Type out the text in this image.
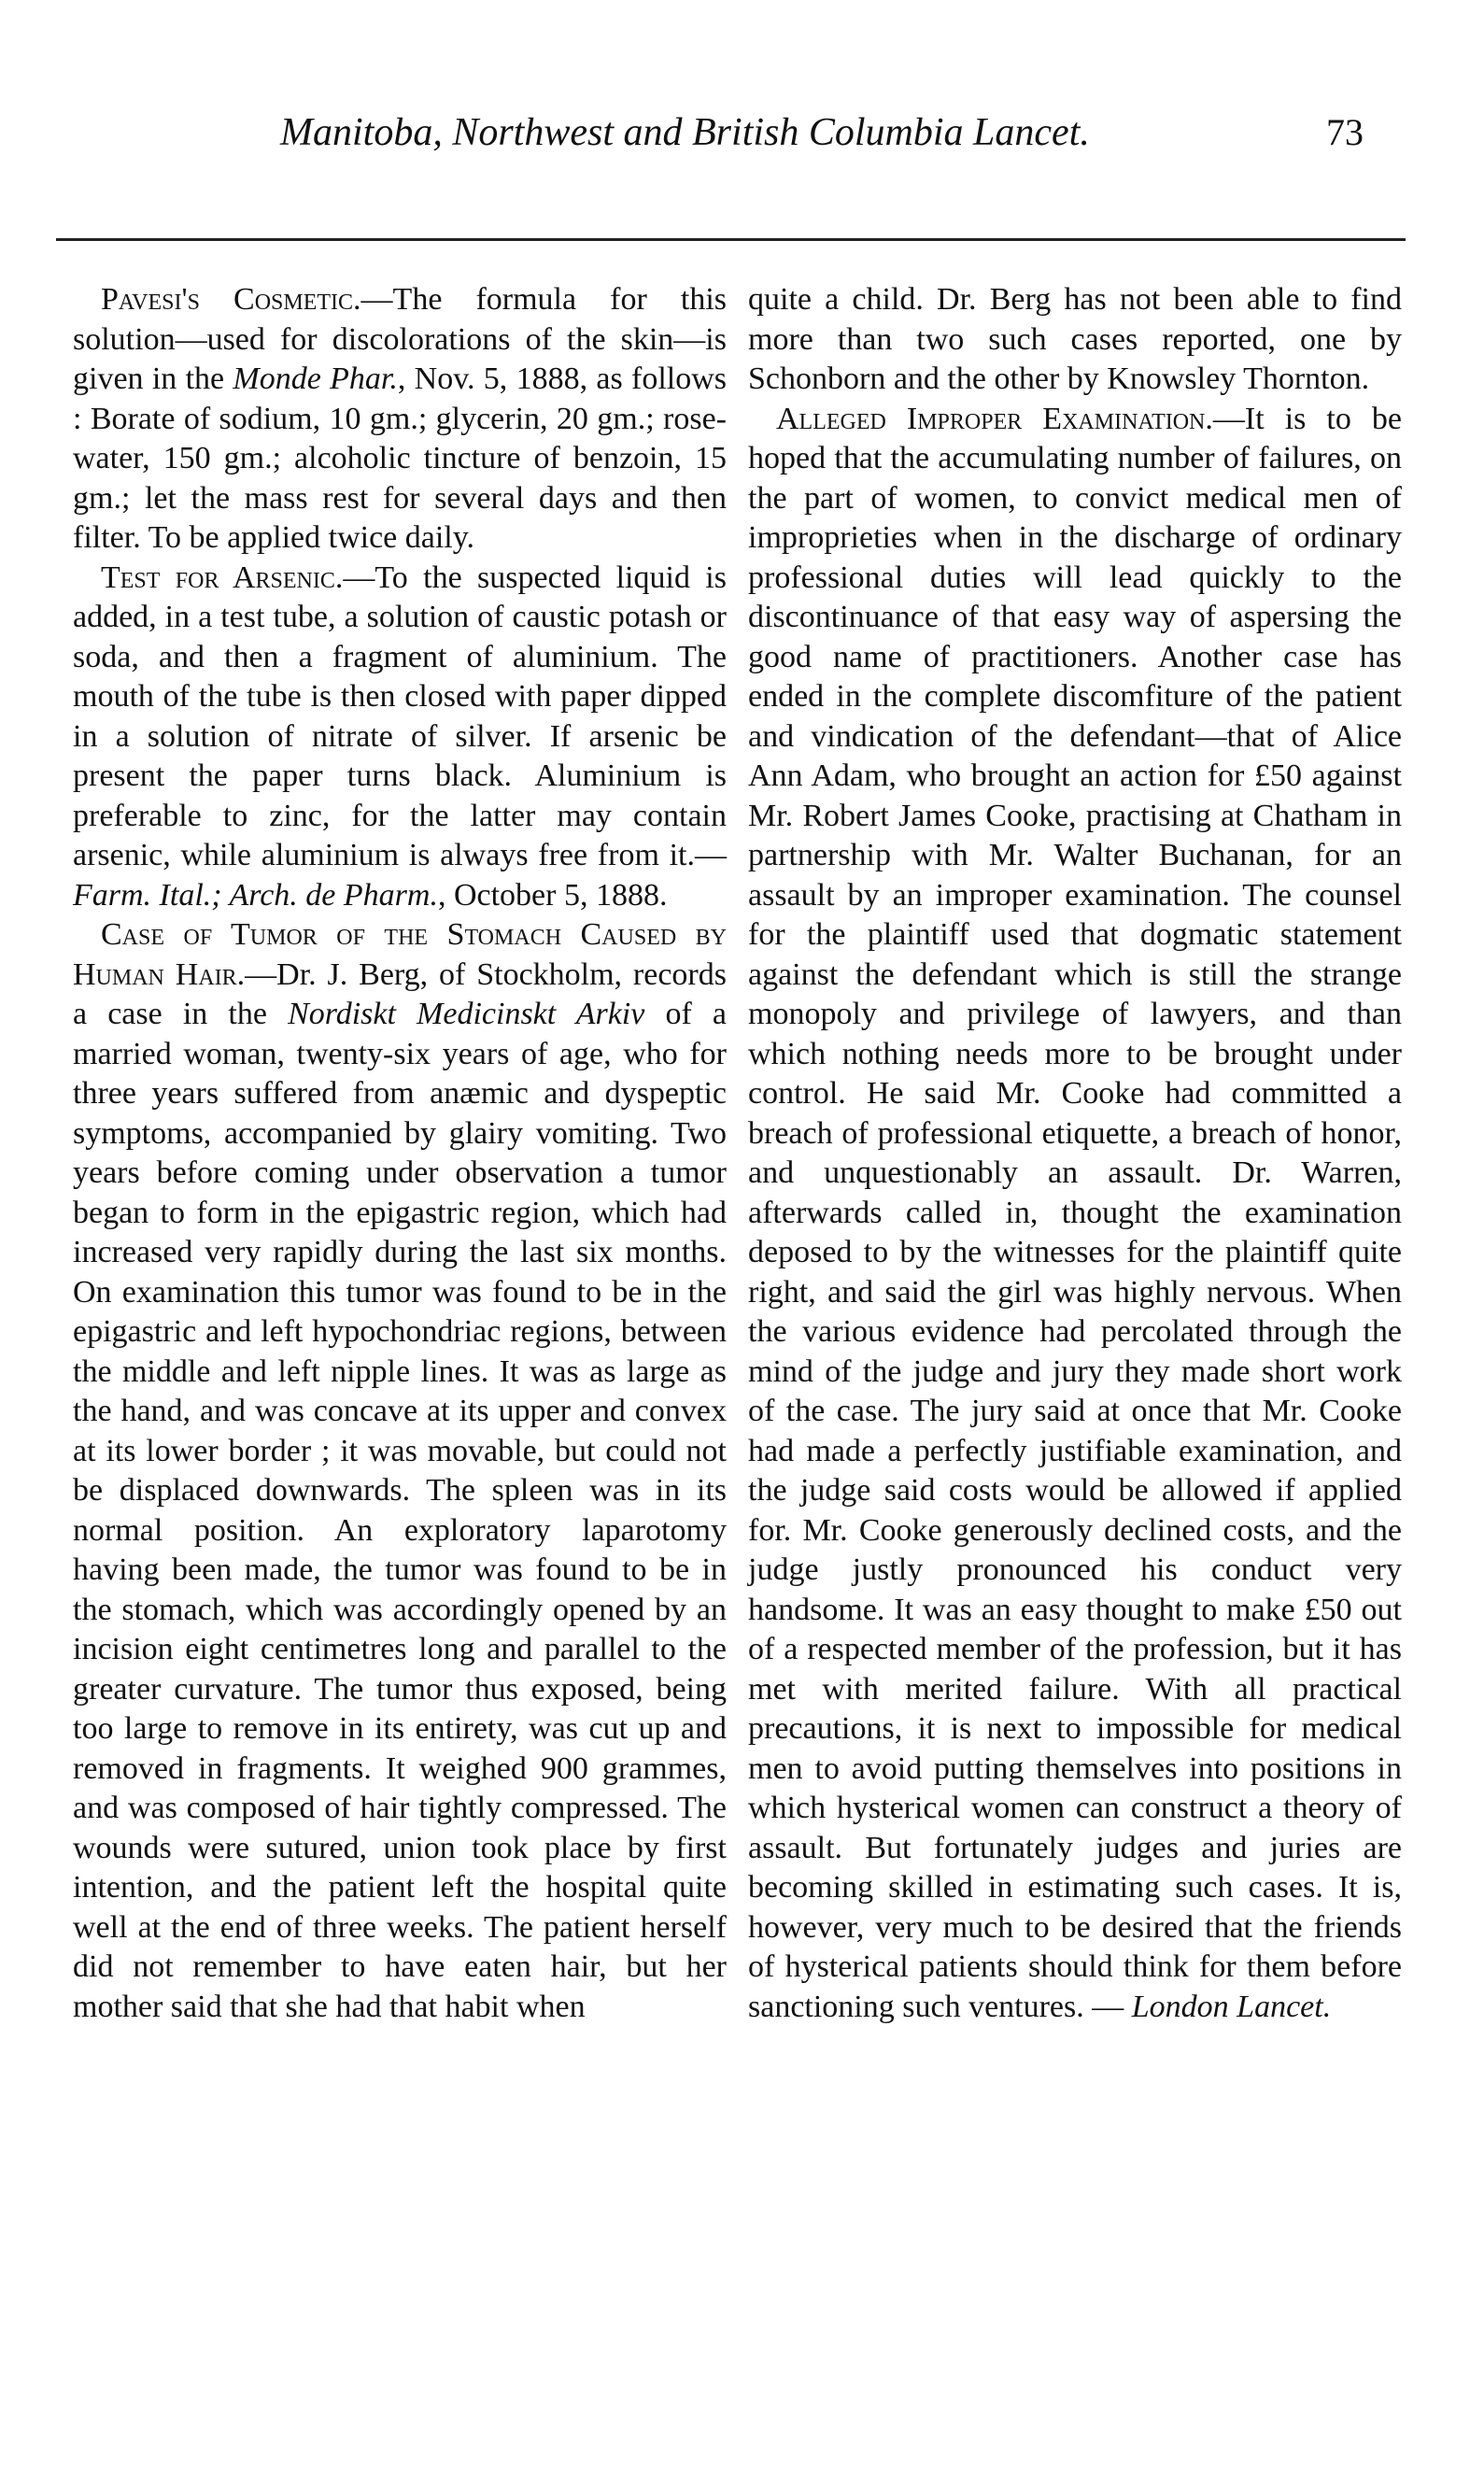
Manitoba, Northwest and British Columbia Lancet.	73

Pavesi's Cosmetic.—The formula for this solution—used for discolorations of the skin—is given in the Monde Phar., Nov. 5, 1888, as follows : Borate of sodium, 10 gm.; glycerin, 20 gm.; rose-water, 150 gm.; alcoholic tincture of benzoin, 15 gm.; let the mass rest for several days and then filter. To be applied twice daily.

Test for Arsenic.—To the suspected liquid is added, in a test tube, a solution of caustic potash or soda, and then a fragment of aluminium. The mouth of the tube is then closed with paper dipped in a solution of nitrate of silver. If arsenic be present the paper turns black. Aluminium is preferable to zinc, for the latter may contain arsenic, while aluminium is always free from it.—Farm. Ital.; Arch. de Pharm., October 5, 1888.

Case of Tumor of the Stomach Caused by Human Hair.—Dr. J. Berg, of Stockholm, records a case in the Nordiskt Medicinskt Arkiv of a married woman, twenty-six years of age, who for three years suffered from anæmic and dyspeptic symptoms, accompanied by glairy vomiting. Two years before coming under observation a tumor began to form in the epigastric region, which had increased very rapidly during the last six months. On examination this tumor was found to be in the epigastric and left hypochondriac regions, between the middle and left nipple lines. It was as large as the hand, and was concave at its upper and convex at its lower border ; it was movable, but could not be displaced downwards. The spleen was in its normal position. An exploratory laparotomy having been made, the tumor was found to be in the stomach, which was accordingly opened by an incision eight centimetres long and parallel to the greater curvature. The tumor thus exposed, being too large to remove in its entirety, was cut up and removed in fragments. It weighed 900 grammes, and was composed of hair tightly compressed. The wounds were sutured, union took place by first intention, and the patient left the hospital quite well at the end of three weeks. The patient herself did not remember to have eaten hair, but her mother said that she had that habit when

quite a child. Dr. Berg has not been able to find more than two such cases reported, one by Schonborn and the other by Knowsley Thornton.

Alleged Improper Examination.—It is to be hoped that the accumulating number of failures, on the part of women, to convict medical men of improprieties when in the discharge of ordinary professional duties will lead quickly to the discontinuance of that easy way of aspersing the good name of practitioners. Another case has ended in the complete discomfiture of the patient and vindication of the defendant—that of Alice Ann Adam, who brought an action for £50 against Mr. Robert James Cooke, practising at Chatham in partnership with Mr. Walter Buchanan, for an assault by an improper examination. The counsel for the plaintiff used that dogmatic statement against the defendant which is still the strange monopoly and privilege of lawyers, and than which nothing needs more to be brought under control. He said Mr. Cooke had committed a breach of professional etiquette, a breach of honor, and unquestionably an assault. Dr. Warren, afterwards called in, thought the examination deposed to by the witnesses for the plaintiff quite right, and said the girl was highly nervous. When the various evidence had percolated through the mind of the judge and jury they made short work of the case. The jury said at once that Mr. Cooke had made a perfectly justifiable examination, and the judge said costs would be allowed if applied for. Mr. Cooke generously declined costs, and the judge justly pronounced his conduct very handsome. It was an easy thought to make £50 out of a respected member of the profession, but it has met with merited failure. With all practical precautions, it is next to impossible for medical men to avoid putting themselves into positions in which hysterical women can construct a theory of assault. But fortunately judges and juries are becoming skilled in estimating such cases. It is, however, very much to be desired that the friends of hysterical patients should think for them before sanctioning such ventures. — London Lancet.
